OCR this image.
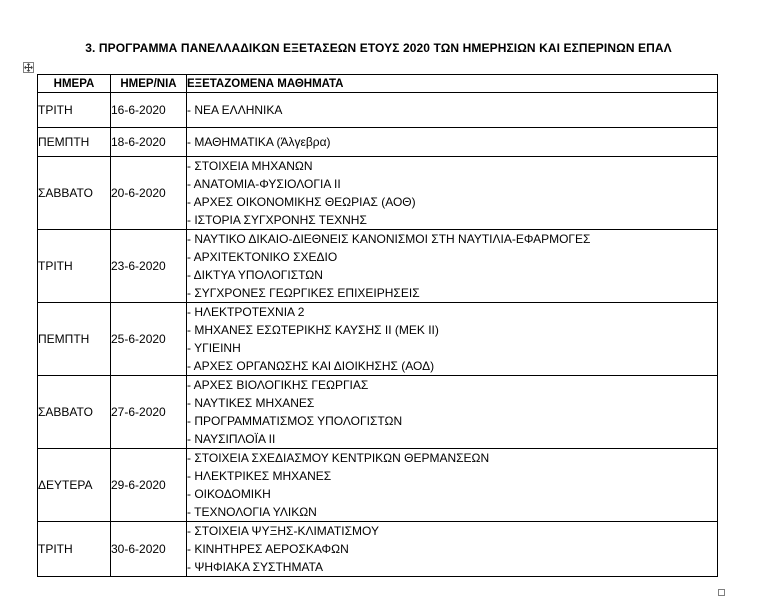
3. ΠΡΟΓΡΑΜΜΑ ΠΑΝΕΛΛΑΔΙΚΩΝ ΕΞΕΤΑΣΕΩΝ ΕΤΟΥΣ 2020 ΤΩΝ ΗΜΕΡΗΣΙΩΝ ΚΑΙ ΕΣΠΕΡΙΝΩΝ ΕΠΑΛ
ΗΜΕΡΑ	ΗΜΕΡ/ΝΙΑ	ΕΞΕΤΑΖΟΜΕΝΑ ΜΑΘΗΜΑΤΑ
ΤΡΙΤΗ	16-6-2020	- ΝΕΑ ΕΛΛΗΝΙΚΑ

ΠΕΜΠΤΗ	18-6-2020	- ΜΑΘΗΜΑΤΙΚΑ (Άλγεβρα)

ΣΑΒΒΑΤΟ	20-6-2020	- ΣΤΟΙΧΕΙΑ ΜΗΧΑΝΩΝ
- ΑΝΑΤΟΜΙΑ-ΦΥΣΙΟΛΟΓΙΑ ΙΙ
- ΑΡΧΕΣ ΟΙΚΟΝΟΜΙΚΗΣ ΘΕΩΡΙΑΣ (ΑΟΘ)
- ΙΣΤΟΡΙΑ ΣΥΓΧΡΟΝΗΣ ΤΕΧΝΗΣ

ΤΡΙΤΗ	23-6-2020	- ΝΑΥΤΙΚΟ ΔΙΚΑΙΟ-ΔΙΕΘΝΕΙΣ ΚΑΝΟΝΙΣΜΟΙ ΣΤΗ ΝΑΥΤΙΛΙΑ-ΕΦΑΡΜΟΓΕΣ
- ΑΡΧΙΤΕΚΤΟΝΙΚΟ ΣΧΕΔΙΟ
- ΔΙΚΤΥΑ ΥΠΟΛΟΓΙΣΤΩΝ
- ΣΥΓΧΡΟΝΕΣ ΓΕΩΡΓΙΚΕΣ ΕΠΙΧΕΙΡΗΣΕΙΣ

ΠΕΜΠΤΗ	25-6-2020	- ΗΛΕΚΤΡΟΤΕΧΝΙΑ 2
- ΜΗΧΑΝΕΣ ΕΣΩΤΕΡΙΚΗΣ ΚΑΥΣΗΣ ΙΙ (ΜΕΚ ΙΙ)
- ΥΓΙΕΙΝΗ
- ΑΡΧΕΣ ΟΡΓΑΝΩΣΗΣ ΚΑΙ ΔΙΟΙΚΗΣΗΣ (ΑΟΔ)

ΣΑΒΒΑΤΟ	27-6-2020	- ΑΡΧΕΣ ΒΙΟΛΟΓΙΚΗΣ ΓΕΩΡΓΙΑΣ
- ΝΑΥΤΙΚΕΣ ΜΗΧΑΝΕΣ
- ΠΡΟΓΡΑΜΜΑΤΙΣΜΟΣ ΥΠΟΛΟΓΙΣΤΩΝ
- ΝΑΥΣΙΠΛΟΪΑ ΙΙ

ΔΕΥΤΕΡΑ	29-6-2020	- ΣΤΟΙΧΕΙΑ ΣΧΕΔΙΑΣΜΟΥ ΚΕΝΤΡΙΚΩΝ ΘΕΡΜΑΝΣΕΩΝ
- ΗΛΕΚΤΡΙΚΕΣ ΜΗΧΑΝΕΣ
- ΟΙΚΟΔΟΜΙΚΗ
- ΤΕΧΝΟΛΟΓΙΑ ΥΛΙΚΩΝ

ΤΡΙΤΗ	30-6-2020	- ΣΤΟΙΧΕΙΑ ΨΥΞΗΣ-ΚΛΙΜΑΤΙΣΜΟΥ
- ΚΙΝΗΤΗΡΕΣ ΑΕΡΟΣΚΑΦΩΝ
- ΨΗΦΙΑΚΑ ΣΥΣΤΗΜΑΤΑ
